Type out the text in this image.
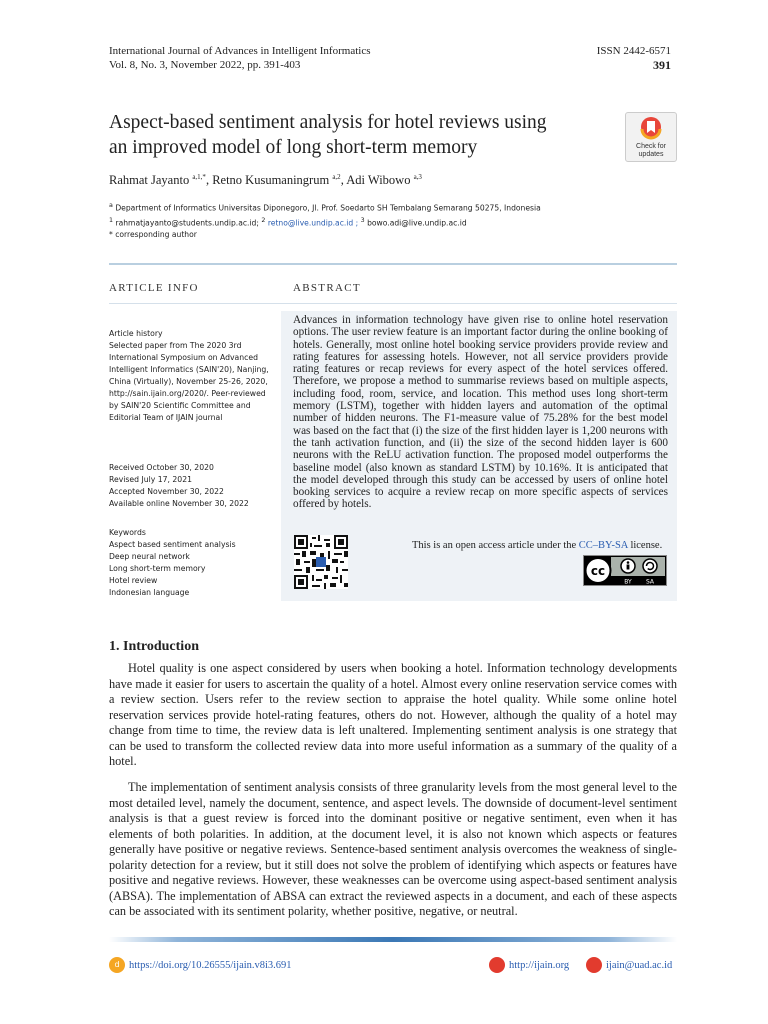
International Journal of Advances in Intelligent Informatics
Vol. 8, No. 3, November 2022, pp. 391-403
ISSN 2442-6571
391
Aspect-based sentiment analysis for hotel reviews using
an improved model of long short-term memory	Check for
updates
Rahmat Jayanto $^{a,1,*}$, Retno Kusumaningrum $^{a,2}$, Adi Wibowo $^{a,3}$
$^a$ Department of Informatics Universitas Diponegoro, Jl. Prof. Soedarto SH Tembalang Semarang 50275, Indonesia
$^1$ rahmatjayanto@students.undip.ac.id; $^2$ retno@live.undip.ac.id ; $^3$ bowo.adi@live.undip.ac.id
* corresponding author
ARTICLE INFO	ABSTRACT
Advances in information technology have given rise to online hotel reservation options. The user review feature is an important factor during the online booking of hotels. Generally, most online hotel booking service providers provide review and rating features for assessing hotels. However, not all service providers provide rating features or recap reviews for every aspect of the hotel services offered. Therefore, we propose a method to summarise reviews based on multiple aspects, including food, room, service, and location. This method uses long short-term memory (LSTM), together with hidden layers and automation of the optimal number of hidden neurons. The F1-measure value of 75.28% for the best model was based on the fact that (i) the size of the first hidden layer is 1,200 neurons with the tanh activation function, and (ii) the size of the second hidden layer is 600 neurons with the ReLU activation function. The proposed model outperforms the baseline model (also known as standard LSTM) by 10.16%. It is anticipated that the model developed through this study can be accessed by users of online hotel booking services to acquire a review recap on more specific aspects of services offered by hotels.
Article history
Selected paper from The 2020 3rd International Symposium on Advanced Intelligent Informatics (SAIN'20), Nanjing, China (Virtually), November 25-26, 2020, http://sain.ijain.org/2020/. Peer-reviewed by SAIN'20 Scientific Committee and Editorial Team of IJAIN journal
Received October 30, 2020
Revised July 17, 2021
Accepted November 30, 2022
Available online November 30, 2022
Keywords
Aspect based sentiment analysis
Deep neural network
Long short-term memory
Hotel review
Indonesian language
This is an open access article under the CC–BY-SA license.
cc
BY SA
1. Introduction
Hotel quality is one aspect considered by users when booking a hotel. Information technology developments have made it easier for users to ascertain the quality of a hotel. Almost every online reservation service comes with a review section. Users refer to the review section to appraise the hotel quality. While some online hotel reservation services provide hotel-rating features, others do not. However, although the quality of a hotel may change from time to time, the review data is left unaltered. Implementing sentiment analysis is one strategy that can be used to transform the collected review data into more useful information as a summary of the quality of a hotel.
The implementation of sentiment analysis consists of three granularity levels from the most general level to the most detailed level, namely the document, sentence, and aspect levels. The downside of document-level sentiment analysis is that a guest review is forced into the dominant positive or negative sentiment, even when it has elements of both polarities. In addition, at the document level, it is also not known which aspects or features generally have positive or negative reviews. Sentence-based sentiment analysis overcomes the weakness of single-polarity detection for a review, but it still does not solve the problem of identifying which aspects or features have positive and negative reviews. However, these weaknesses can be overcome using aspect-based sentiment analysis (ABSA). The implementation of ABSA can extract the reviewed aspects in a document, and each of these aspects can be associated with its sentiment polarity, whether positive, negative, or neutral.
d https://doi.org/10.26555/ijain.v8i3.691	http://ijain.org	ijain@uad.ac.id
